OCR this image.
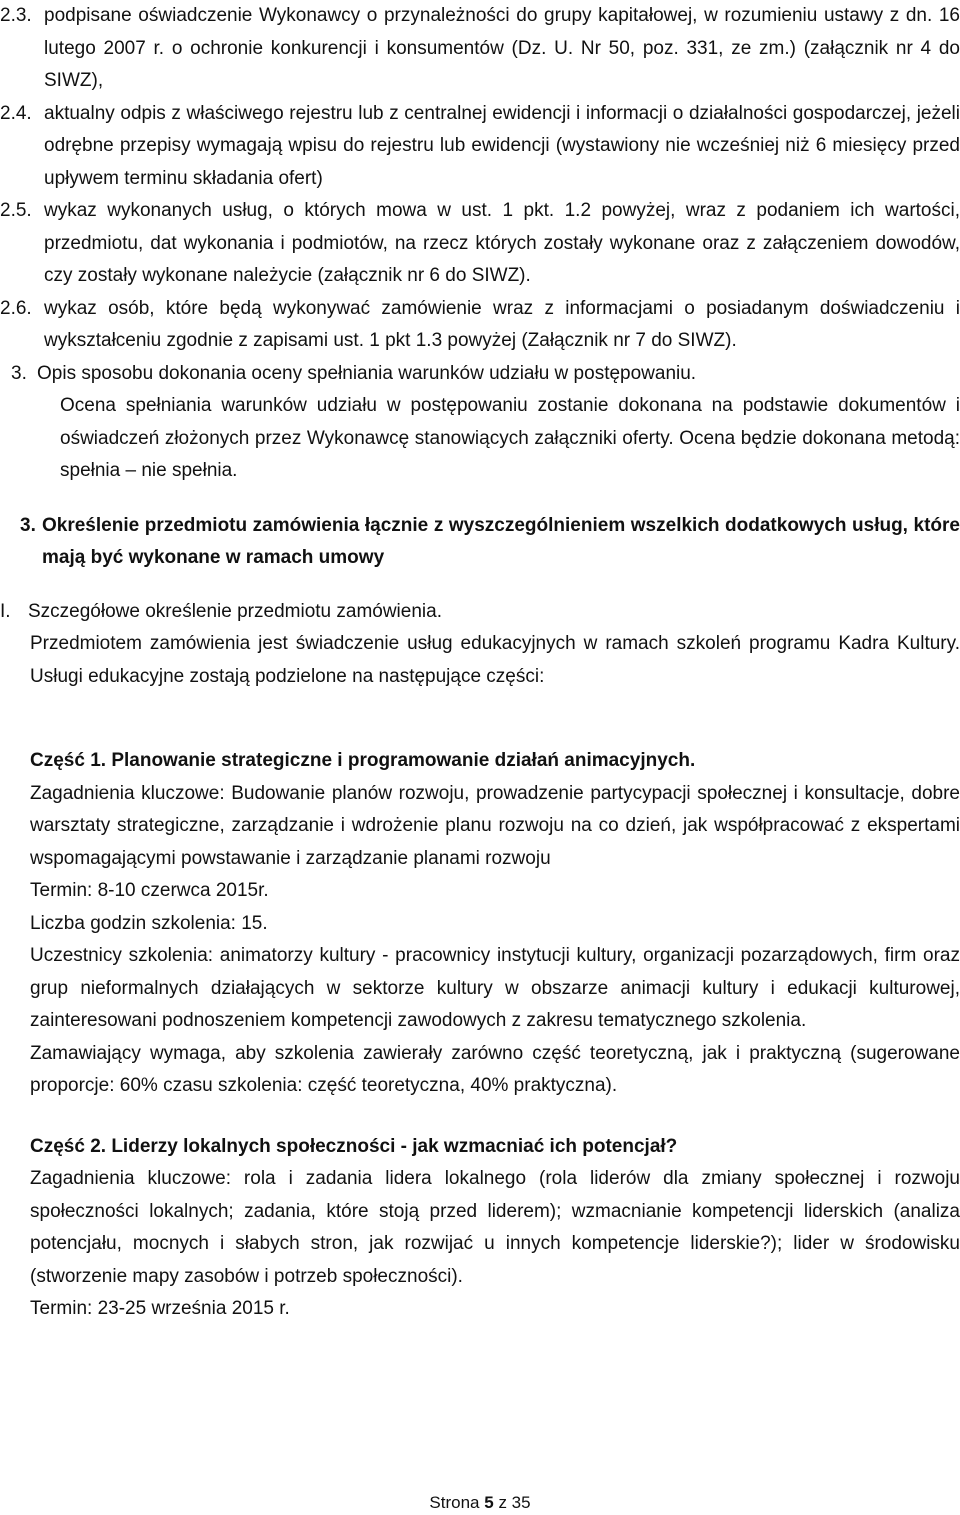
2.3. podpisane oświadczenie Wykonawcy o przynależności do grupy kapitałowej, w rozumieniu ustawy z dn. 16 lutego 2007 r. o ochronie konkurencji i konsumentów (Dz. U. Nr 50, poz. 331, ze zm.) (załącznik nr 4 do SIWZ),

2.4. aktualny odpis z właściwego rejestru lub z centralnej ewidencji i informacji o działalności gospodarczej, jeżeli odrębne przepisy wymagają wpisu do rejestru lub ewidencji (wystawiony nie wcześniej niż 6 miesięcy przed upływem terminu składania ofert)

2.5. wykaz wykonanych usług, o których mowa w ust. 1 pkt. 1.2 powyżej, wraz z podaniem ich wartości, przedmiotu, dat wykonania i podmiotów, na rzecz których zostały wykonane oraz z załączeniem dowodów, czy zostały wykonane należycie (załącznik nr 6 do SIWZ).

2.6. wykaz osób, które będą wykonywać zamówienie wraz z informacjami o posiadanym doświadczeniu i wykształceniu zgodnie z zapisami ust. 1 pkt 1.3 powyżej (Załącznik nr 7 do SIWZ).

3. Opis sposobu dokonania oceny spełniania warunków udziału w postępowaniu.

Ocena spełniania warunków udziału w postępowaniu zostanie dokonana na podstawie dokumentów i oświadczeń złożonych przez Wykonawcę stanowiących załączniki oferty. Ocena będzie dokonana metodą: spełnia – nie spełnia.

3. Określenie przedmiotu zamówienia łącznie z wyszczególnieniem wszelkich dodatkowych usług, które mają być wykonane w ramach umowy

I. Szczegółowe określenie przedmiotu zamówienia.

Przedmiotem zamówienia jest świadczenie usług edukacyjnych w ramach szkoleń programu Kadra Kultury. Usługi edukacyjne zostają podzielone na następujące części:

Część 1. Planowanie strategiczne i programowanie działań animacyjnych.

Zagadnienia kluczowe: Budowanie planów rozwoju, prowadzenie partycypacji społecznej i konsultacje, dobre warsztaty strategiczne, zarządzanie i wdrożenie planu rozwoju na co dzień, jak współpracować z ekspertami wspomagającymi powstawanie i zarządzanie planami rozwoju

Termin: 8-10 czerwca 2015r.

Liczba godzin szkolenia: 15.

Uczestnicy szkolenia: animatorzy kultury - pracownicy instytucji kultury, organizacji pozarządowych, firm oraz grup nieformalnych działających w sektorze kultury w obszarze animacji kultury i edukacji kulturowej, zainteresowani podnoszeniem kompetencji zawodowych z zakresu tematycznego szkolenia.

Zamawiający wymaga, aby szkolenia zawierały zarówno część teoretyczną, jak i praktyczną (sugerowane proporcje: 60% czasu szkolenia: część teoretyczna, 40% praktyczna).

Część 2. Liderzy lokalnych społeczności - jak wzmacniać ich potencjał?

Zagadnienia kluczowe: rola i zadania lidera lokalnego (rola liderów dla zmiany społecznej i rozwoju społeczności lokalnych; zadania, które stoją przed liderem); wzmacnianie kompetencji liderskich (analiza potencjału, mocnych i słabych stron, jak rozwijać u innych kompetencje liderskie?); lider w środowisku (stworzenie mapy zasobów i potrzeb społeczności).

Termin: 23-25 września 2015 r.

Strona 5 z 35
